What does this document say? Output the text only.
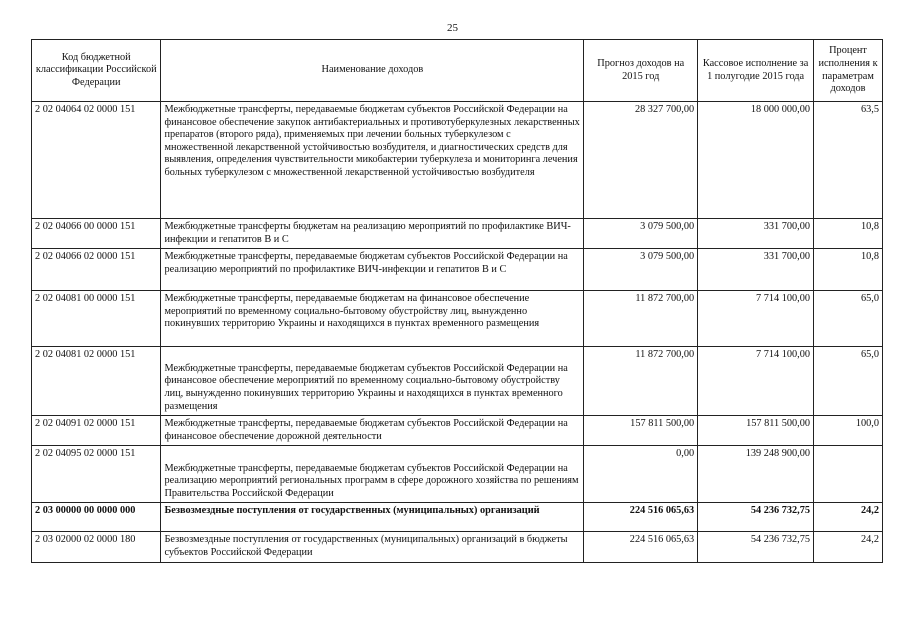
25
Код бюджетной классификации Российской Федерации	Наименование доходов	Прогноз доходов на 2015 год	Кассовое исполнение за 1 полугодие 2015 года	Процент исполнения к параметрам доходов
2 02 04064 02 0000 151	Межбюджетные трансферты, передаваемые бюджетам субъектов Российской Федерации на финансовое обеспечение закупок антибактериальных и противотуберкулезных лекарственных препаратов (второго ряда), применяемых при лечении больных туберкулезом с множественной лекарственной устойчивостью возбудителя, и диагностических средств для выявления, определения чувствительности микобактерии туберкулеза и мониторинга лечения больных туберкулезом с множественной лекарственной устойчивостью возбудителя	28 327 700,00	18 000 000,00	63,5
2 02 04066 00 0000 151	Межбюджетные трансферты бюджетам на реализацию мероприятий по профилактике ВИЧ-инфекции и гепатитов В и С	3 079 500,00	331 700,00	10,8
2 02 04066 02 0000 151	Межбюджетные трансферты, передаваемые бюджетам субъектов Российской Федерации на реализацию мероприятий по профилактике ВИЧ-инфекции и гепатитов В и С	3 079 500,00	331 700,00	10,8
2 02 04081 00 0000 151	Межбюджетные трансферты, передаваемые бюджетам на финансовое обеспечение мероприятий по временному социально-бытовому обустройству лиц, вынужденно покинувших территорию Украины и находящихся в пунктах временного размещения	11 872 700,00	7 714 100,00	65,0
2 02 04081 02 0000 151	Межбюджетные трансферты, передаваемые бюджетам субъектов Российской Федерации на финансовое обеспечение мероприятий по временному социально-бытовому обустройству лиц, вынужденно покинувших территорию Украины и находящихся в пунктах временного размещения	11 872 700,00	7 714 100,00	65,0
2 02 04091 02 0000 151	Межбюджетные трансферты, передаваемые бюджетам субъектов Российской Федерации на финансовое обеспечение дорожной деятельности	157 811 500,00	157 811 500,00	100,0
2 02 04095 02 0000 151	Межбюджетные трансферты, передаваемые бюджетам субъектов Российской Федерации на реализацию мероприятий региональных программ в сфере дорожного хозяйства по решениям Правительства Российской Федерации	0,00	139 248 900,00	
2 03 00000 00 0000 000	Безвозмездные поступления от государственных (муниципальных) организаций	224 516 065,63	54 236 732,75	24,2
2 03 02000 02 0000 180	Безвозмездные поступления от государственных (муниципальных) организаций в бюджеты субъектов Российской Федерации	224 516 065,63	54 236 732,75	24,2
